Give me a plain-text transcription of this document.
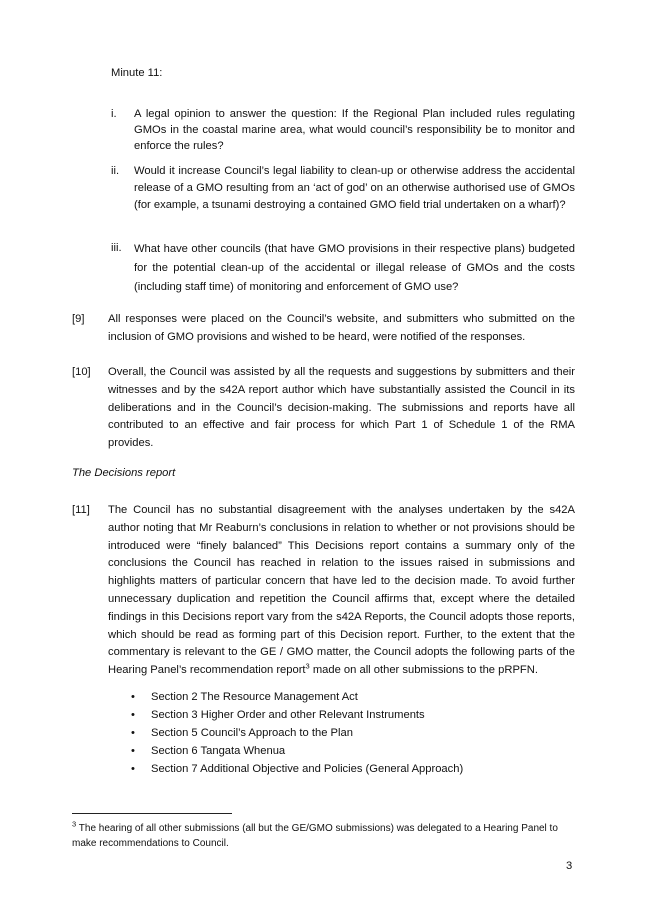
Minute 11:
i. A legal opinion to answer the question: If the Regional Plan included rules regulating GMOs in the coastal marine area, what would council’s responsibility be to monitor and enforce the rules?
ii. Would it increase Council’s legal liability to clean-up or otherwise address the accidental release of a GMO resulting from an ‘act of god’ on an otherwise authorised use of GMOs (for example, a tsunami destroying a contained GMO field trial undertaken on a wharf)?
iii. What have other councils (that have GMO provisions in their respective plans) budgeted for the potential clean-up of the accidental or illegal release of GMOs and the costs (including staff time) of monitoring and enforcement of GMO use?
[9] All responses were placed on the Council’s website, and submitters who submitted on the inclusion of GMO provisions and wished to be heard, were notified of the responses.
[10] Overall, the Council was assisted by all the requests and suggestions by submitters and their witnesses and by the s42A report author which have substantially assisted the Council in its deliberations and in the Council’s decision-making. The submissions and reports have all contributed to an effective and fair process for which Part 1 of Schedule 1 of the RMA provides.
The Decisions report
[11] The Council has no substantial disagreement with the analyses undertaken by the s42A author noting that Mr Reaburn’s conclusions in relation to whether or not provisions should be introduced were “finely balanced” This Decisions report contains a summary only of the conclusions the Council has reached in relation to the issues raised in submissions and highlights matters of particular concern that have led to the decision made. To avoid further unnecessary duplication and repetition the Council affirms that, except where the detailed findings in this Decisions report vary from the s42A Reports, the Council adopts those reports, which should be read as forming part of this Decision report. Further, to the extent that the commentary is relevant to the GE / GMO matter, the Council adopts the following parts of the Hearing Panel’s recommendation report$^3$ made on all other submissions to the pRPFN.
• Section 2 The Resource Management Act
• Section 3 Higher Order and other Relevant Instruments
• Section 5 Council’s Approach to the Plan
• Section 6 Tangata Whenua
• Section 7 Additional Objective and Policies (General Approach)
$^3$ The hearing of all other submissions (all but the GE/GMO submissions) was delegated to a Hearing Panel to make recommendations to Council.
3
